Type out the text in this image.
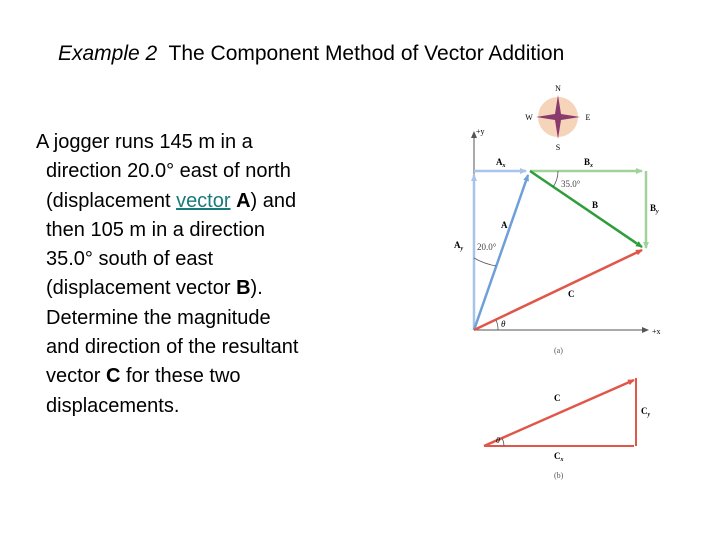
Example 2 The Component Method of Vector Addition
A jogger runs 145 m in a
direction 20.0° east of north
(displacement vector A) and
then 105 m in a direction
35.0° south of east
(displacement vector B).
Determine the magnitude
and direction of the resultant
vector C for these two
displacements.
N
S
E
W
+y
+x
$A_x$	$B_x$
$B_y$
$A_y$
A
B
C
35.0°
20.0°
θ
(a)
C
$C_y$
$C_x$
θ
(b)
